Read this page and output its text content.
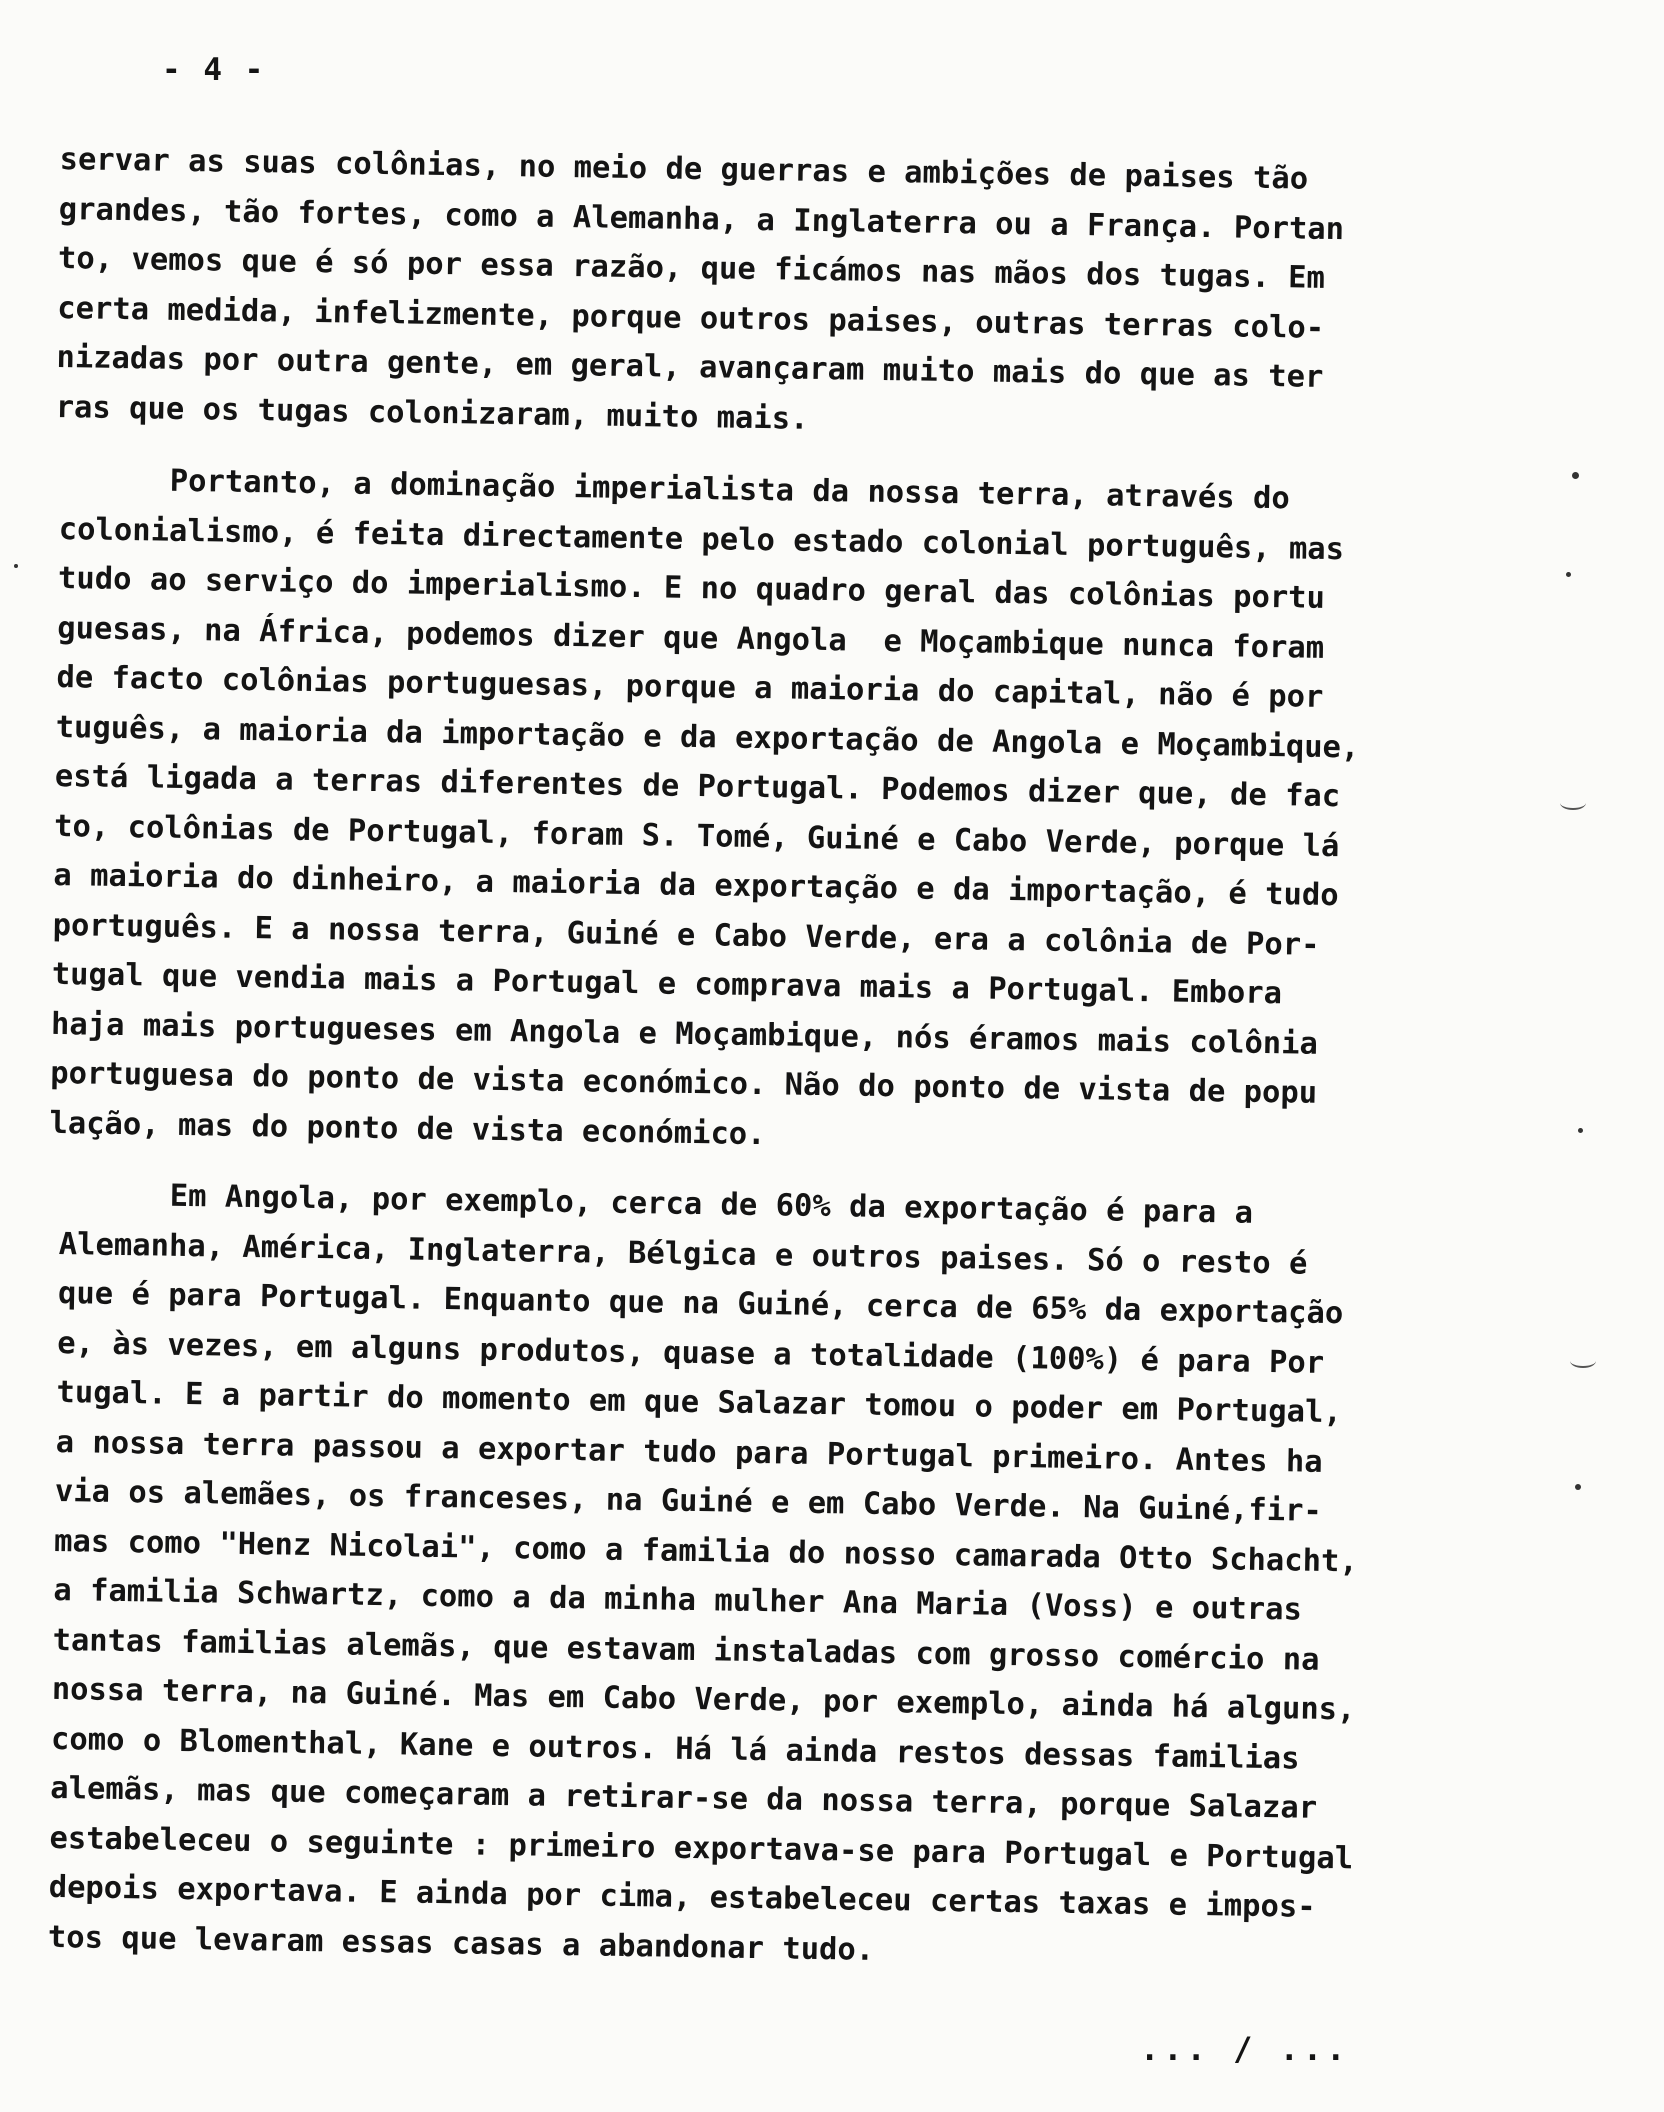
- 4 -
servar as suas colônias, no meio de guerras e ambições de paises tão
grandes, tão fortes, como a Alemanha, a Inglaterra ou a França. Portan
to, vemos que é só por essa razão, que ficámos nas mãos dos tugas. Em
certa medida, infelizmente, porque outros paises, outras terras colo-
nizadas por outra gente, em geral, avançaram muito mais do que as ter
ras que os tugas colonizaram, muito mais.
Portanto, a dominação imperialista da nossa terra, através do
colonialismo, é feita directamente pelo estado colonial português, mas
tudo ao serviço do imperialismo. E no quadro geral das colônias portu
guesas, na África, podemos dizer que Angola  e Moçambique nunca foram
de facto colônias portuguesas, porque a maioria do capital, não é por
tuguês, a maioria da importação e da exportação de Angola e Moçambique,
está ligada a terras diferentes de Portugal. Podemos dizer que, de fac
to, colônias de Portugal, foram S. Tomé, Guiné e Cabo Verde, porque lá
a maioria do dinheiro, a maioria da exportação e da importação, é tudo
português. E a nossa terra, Guiné e Cabo Verde, era a colônia de Por-
tugal que vendia mais a Portugal e comprava mais a Portugal. Embora
haja mais portugueses em Angola e Moçambique, nós éramos mais colônia
portuguesa do ponto de vista económico. Não do ponto de vista de popu
lação, mas do ponto de vista económico.
Em Angola, por exemplo, cerca de 60% da exportação é para a
Alemanha, América, Inglaterra, Bélgica e outros paises. Só o resto é
que é para Portugal. Enquanto que na Guiné, cerca de 65% da exportação
e, às vezes, em alguns produtos, quase a totalidade (100%) é para Por
tugal. E a partir do momento em que Salazar tomou o poder em Portugal,
a nossa terra passou a exportar tudo para Portugal primeiro. Antes ha
via os alemães, os franceses, na Guiné e em Cabo Verde. Na Guiné,fir-
mas como "Henz Nicolai", como a familia do nosso camarada Otto Schacht,
a familia Schwartz, como a da minha mulher Ana Maria (Voss) e outras
tantas familias alemãs, que estavam instaladas com grosso comércio na
nossa terra, na Guiné. Mas em Cabo Verde, por exemplo, ainda há alguns,
como o Blomenthal, Kane e outros. Há lá ainda restos dessas familias
alemãs, mas que começaram a retirar-se da nossa terra, porque Salazar
estabeleceu o seguinte : primeiro exportava-se para Portugal e Portugal
depois exportava. E ainda por cima, estabeleceu certas taxas e impos-
tos que levaram essas casas a abandonar tudo.
... / ...
